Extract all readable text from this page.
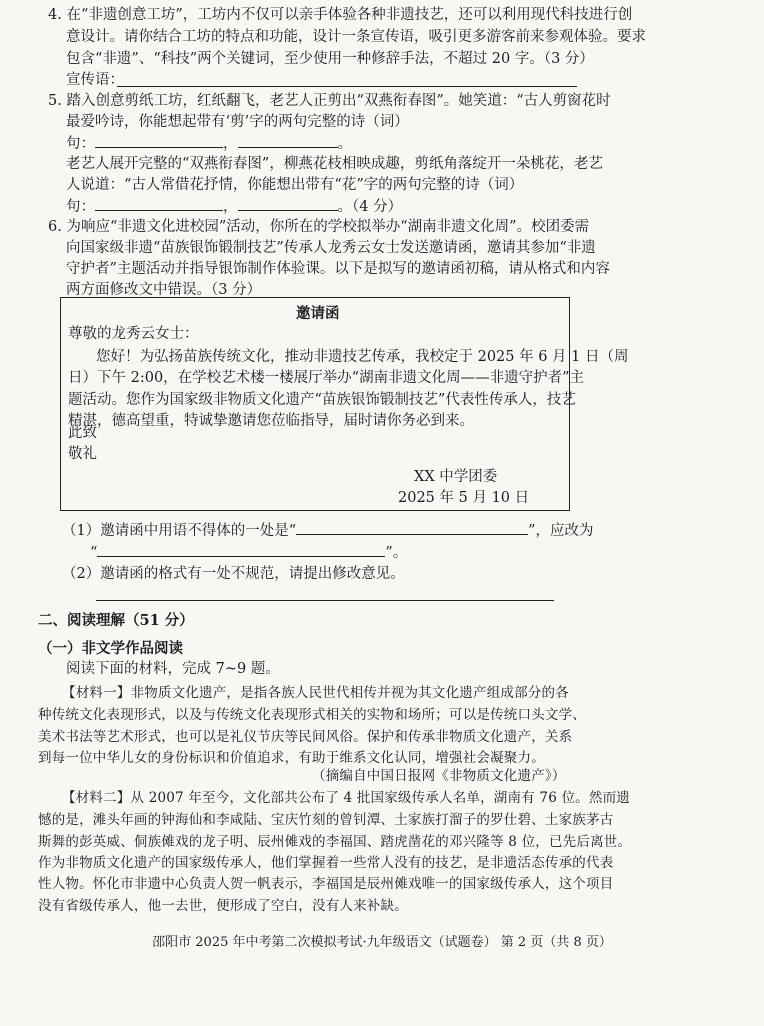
4. 在“非遗创意工坊”，工坊内不仅可以亲手体验各种非遗技艺，还可以利用现代科技进行创
意设计。请你结合工坊的特点和功能，设计一条宣传语，吸引更多游客前来参观体验。要求
包含“非遗”、“科技”两个关键词，至少使用一种修辞手法，不超过 20 字。（3 分）
宣传语：
5. 踏入创意剪纸工坊，红纸翻飞，老艺人正剪出“双燕衔春图”。她笑道：“古人剪窗花时
最爱吟诗，你能想起带有‘剪’字的两句完整的诗（词）
句：	，	。
老艺人展开完整的“双燕衔春图”，柳燕花枝相映成趣，剪纸角落绽开一朵桃花，老艺
人说道：“古人常借花抒情，你能想出带有“花”字的两句完整的诗（词）
句：	，	。（4 分）
6. 为响应“非遗文化进校园”活动，你所在的学校拟举办“湖南非遗文化周”。校团委需
向国家级非遗“苗族银饰锻制技艺”传承人龙秀云女士发送邀请函，邀请其参加“非遗
守护者”主题活动并指导银饰制作体验课。以下是拟写的邀请函初稿，请从格式和内容
两方面修改文中错误。（3 分）
邀请函
尊敬的龙秀云女士：
您好！为弘扬苗族传统文化，推动非遗技艺传承，我校定于 2025 年 6 月 1 日（周
日）下午 2:00，在学校艺术楼一楼展厅举办“湖南非遗文化周——非遗守护者”主
题活动。您作为国家级非物质文化遗产“苗族银饰锻制技艺”代表性传承人，技艺
精湛，德高望重，特诚挚邀请您莅临指导，届时请你务必到来。
此致
敬礼
XX 中学团委
2025 年 5 月 10 日
（1）邀请函中用语不得体的一处是“	”，应改为
“	”。
（2）邀请函的格式有一处不规范，请提出修改意见。
二、阅读理解（51 分）
（一）非文学作品阅读
阅读下面的材料，完成 7~9 题。
【材料一】非物质文化遗产，是指各族人民世代相传并视为其文化遗产组成部分的各
种传统文化表现形式，以及与传统文化表现形式相关的实物和场所；可以是传统口头文学、
美术书法等艺术形式，也可以是礼仪节庆等民间风俗。保护和传承非物质文化遗产，关系
到每一位中华儿女的身份标识和价值追求，有助于维系文化认同，增强社会凝聚力。
（摘编自中国日报网《非物质文化遗产》）
【材料二】从 2007 年至今，文化部共公布了 4 批国家级传承人名单，湖南有 76 位。然而遗
憾的是，滩头年画的钟海仙和李咸陆、宝庆竹刻的曾钊潭、土家族打溜子的罗仕碧、土家族茅古
斯舞的彭英威、侗族傩戏的龙子明、辰州傩戏的李福国、踏虎凿花的邓兴隆等 8 位，已先后离世。
作为非物质文化遗产的国家级传承人，他们掌握着一些常人没有的技艺，是非遗活态传承的代表
性人物。怀化市非遗中心负责人贺一帆表示，李福国是辰州傩戏唯一的国家级传承人，这个项目
没有省级传承人，他一去世，便形成了空白，没有人来补缺。
邵阳市 2025 年中考第二次模拟考试·九年级语文（试题卷） 第 2 页（共 8 页）
